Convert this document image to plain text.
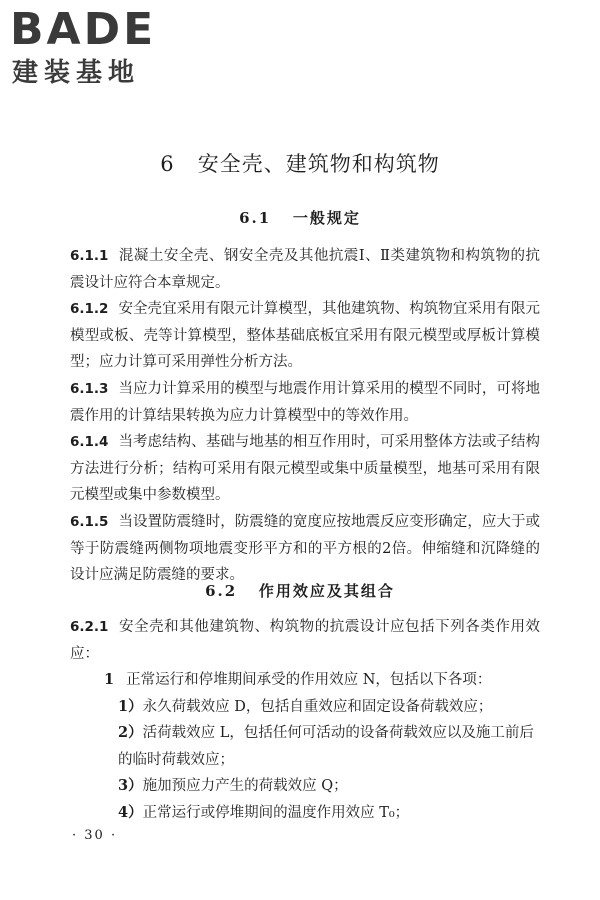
BADE
建装基地
6 安全壳、建筑物和构筑物
6.1 一般规定
6.1.1 混凝土安全壳、钢安全壳及其他抗震Ⅰ、Ⅱ类建筑物和构筑物的抗震设计应符合本章规定。
6.1.2 安全壳宜采用有限元计算模型，其他建筑物、构筑物宜采用有限元模型或板、壳等计算模型，整体基础底板宜采用有限元模型或厚板计算模型；应力计算可采用弹性分析方法。
6.1.3 当应力计算采用的模型与地震作用计算采用的模型不同时，可将地震作用的计算结果转换为应力计算模型中的等效作用。
6.1.4 当考虑结构、基础与地基的相互作用时，可采用整体方法或子结构方法进行分析；结构可采用有限元模型或集中质量模型，地基可采用有限元模型或集中参数模型。
6.1.5 当设置防震缝时，防震缝的宽度应按地震反应变形确定，应大于或等于防震缝两侧物项地震变形平方和的平方根的2倍。伸缩缝和沉降缝的设计应满足防震缝的要求。
6.2 作用效应及其组合
6.2.1 安全壳和其他建筑物、构筑物的抗震设计应包括下列各类作用效应：
1 正常运行和停堆期间承受的作用效应 N，包括以下各项：
1）永久荷载效应 D，包括自重效应和固定设备荷载效应；
2）活荷载效应 L，包括任何可活动的设备荷载效应以及施工前后的临时荷载效应；
3）施加预应力产生的荷载效应 Q；
4）正常运行或停堆期间的温度作用效应 T₀；
· 30 ·
